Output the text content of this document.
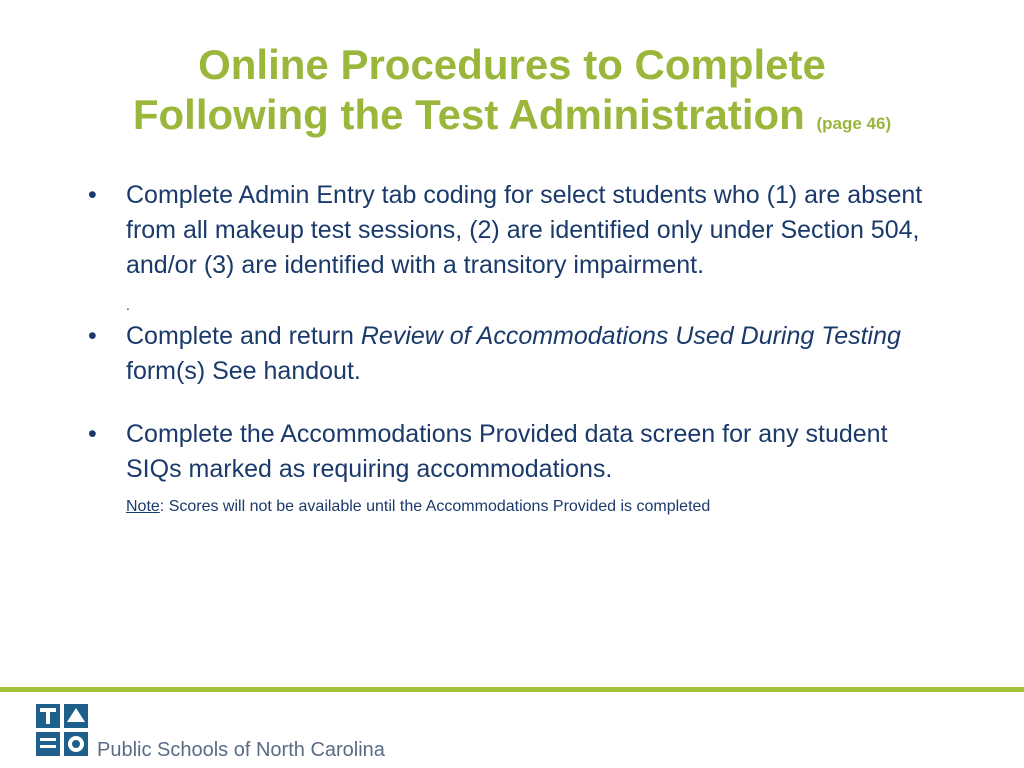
Online Procedures to Complete
Following the Test Administration (page 46)
• Complete Admin Entry tab coding for select students who (1) are absent from all makeup test sessions, (2) are identified only under Section 504, and/or (3) are identified with a transitory impairment.
.
• Complete and return Review of Accommodations Used During Testing form(s) See handout.
• Complete the Accommodations Provided data screen for any student SIQs marked as requiring accommodations.
Note: Scores will not be available until the Accommodations Provided is completed
Public Schools of North Carolina
